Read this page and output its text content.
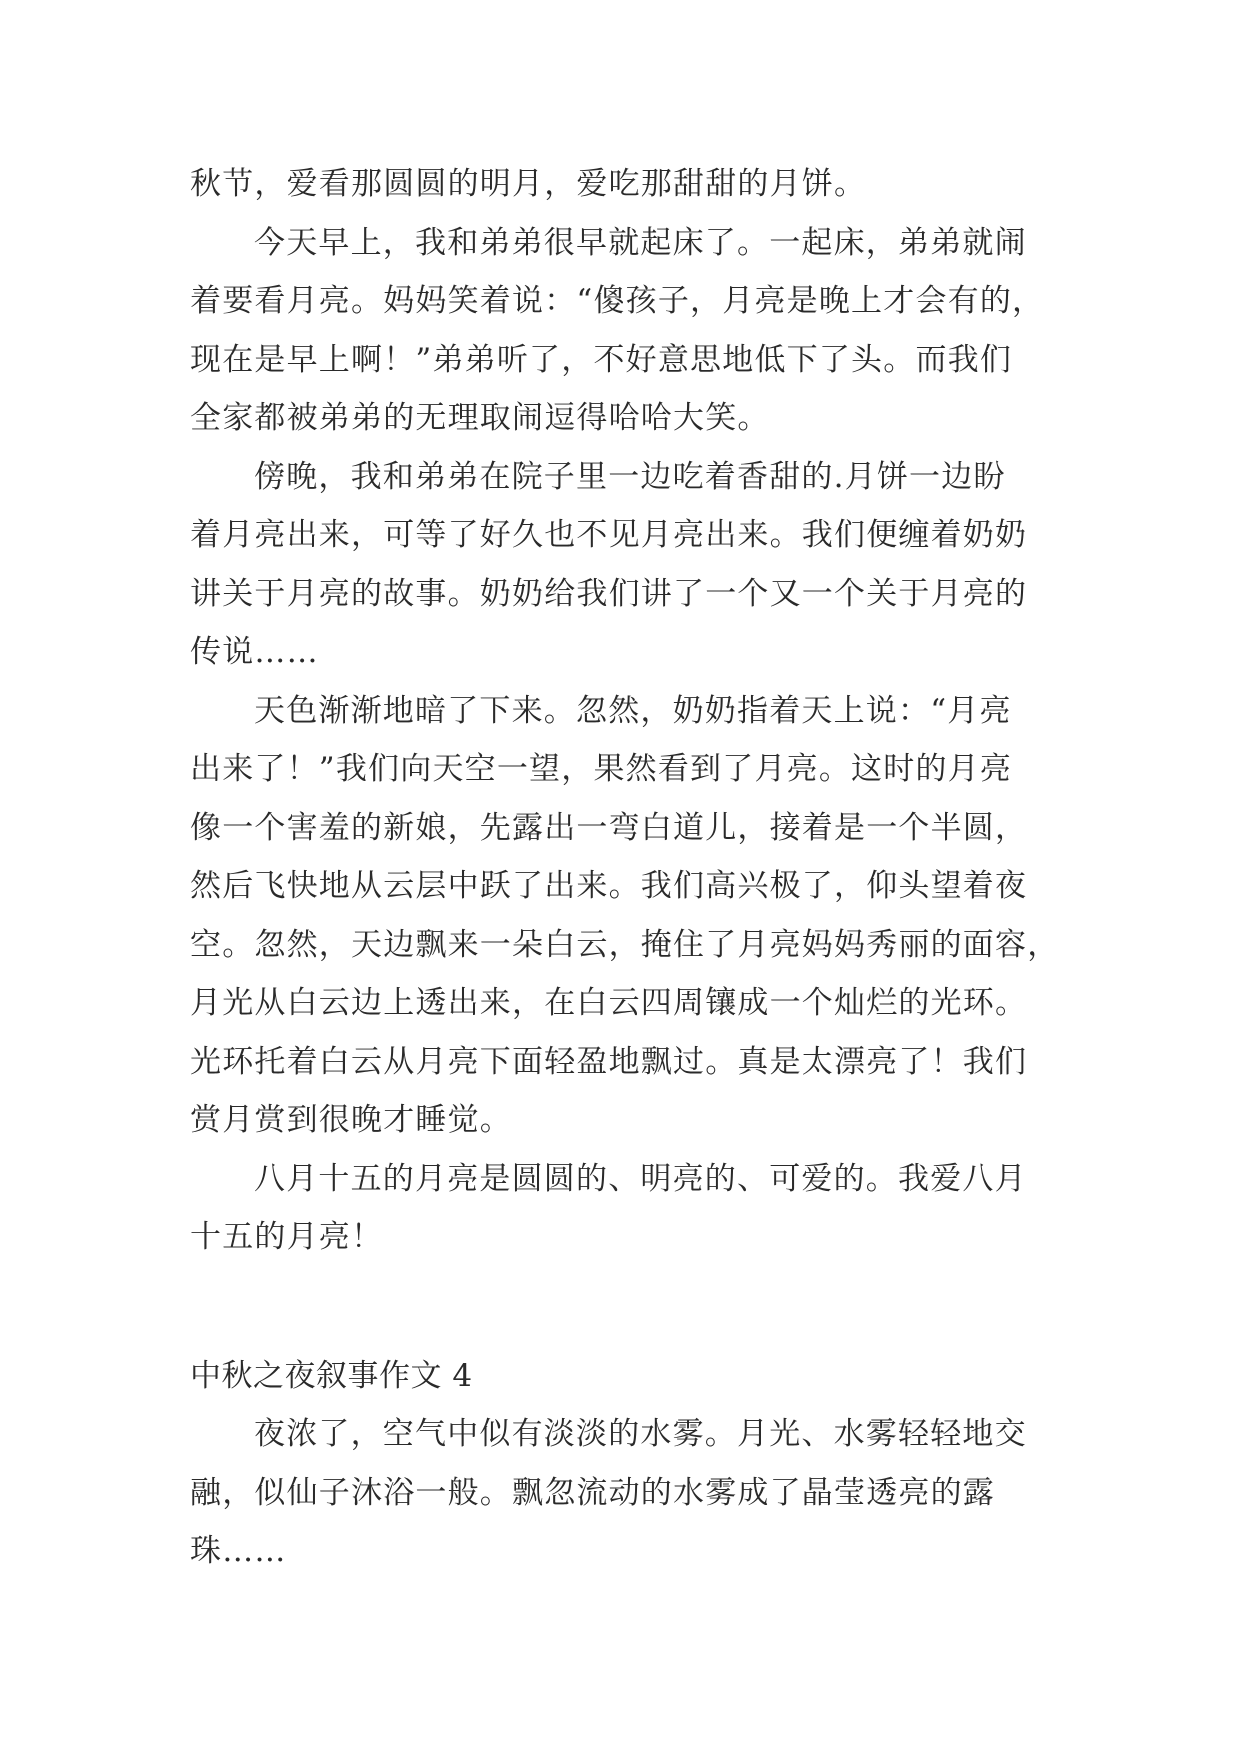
秋节，爱看那圆圆的明月，爱吃那甜甜的月饼。
今天早上，我和弟弟很早就起床了。一起床，弟弟就闹
着要看月亮。妈妈笑着说：“傻孩子，月亮是晚上才会有的，
现在是早上啊！”弟弟听了，不好意思地低下了头。而我们
全家都被弟弟的无理取闹逗得哈哈大笑。
傍晚，我和弟弟在院子里一边吃着香甜的.月饼一边盼
着月亮出来，可等了好久也不见月亮出来。我们便缠着奶奶
讲关于月亮的故事。奶奶给我们讲了一个又一个关于月亮的
传说……
天色渐渐地暗了下来。忽然，奶奶指着天上说：“月亮
出来了！”我们向天空一望，果然看到了月亮。这时的月亮
像一个害羞的新娘，先露出一弯白道儿，接着是一个半圆，
然后飞快地从云层中跃了出来。我们高兴极了，仰头望着夜
空。忽然，天边飘来一朵白云，掩住了月亮妈妈秀丽的面容，
月光从白云边上透出来，在白云四周镶成一个灿烂的光环。
光环托着白云从月亮下面轻盈地飘过。真是太漂亮了！我们
赏月赏到很晚才睡觉。
八月十五的月亮是圆圆的、明亮的、可爱的。我爱八月
十五的月亮！
中秋之夜叙事作文 4
夜浓了，空气中似有淡淡的水雾。月光、水雾轻轻地交
融，似仙子沐浴一般。飘忽流动的水雾成了晶莹透亮的露
珠……
